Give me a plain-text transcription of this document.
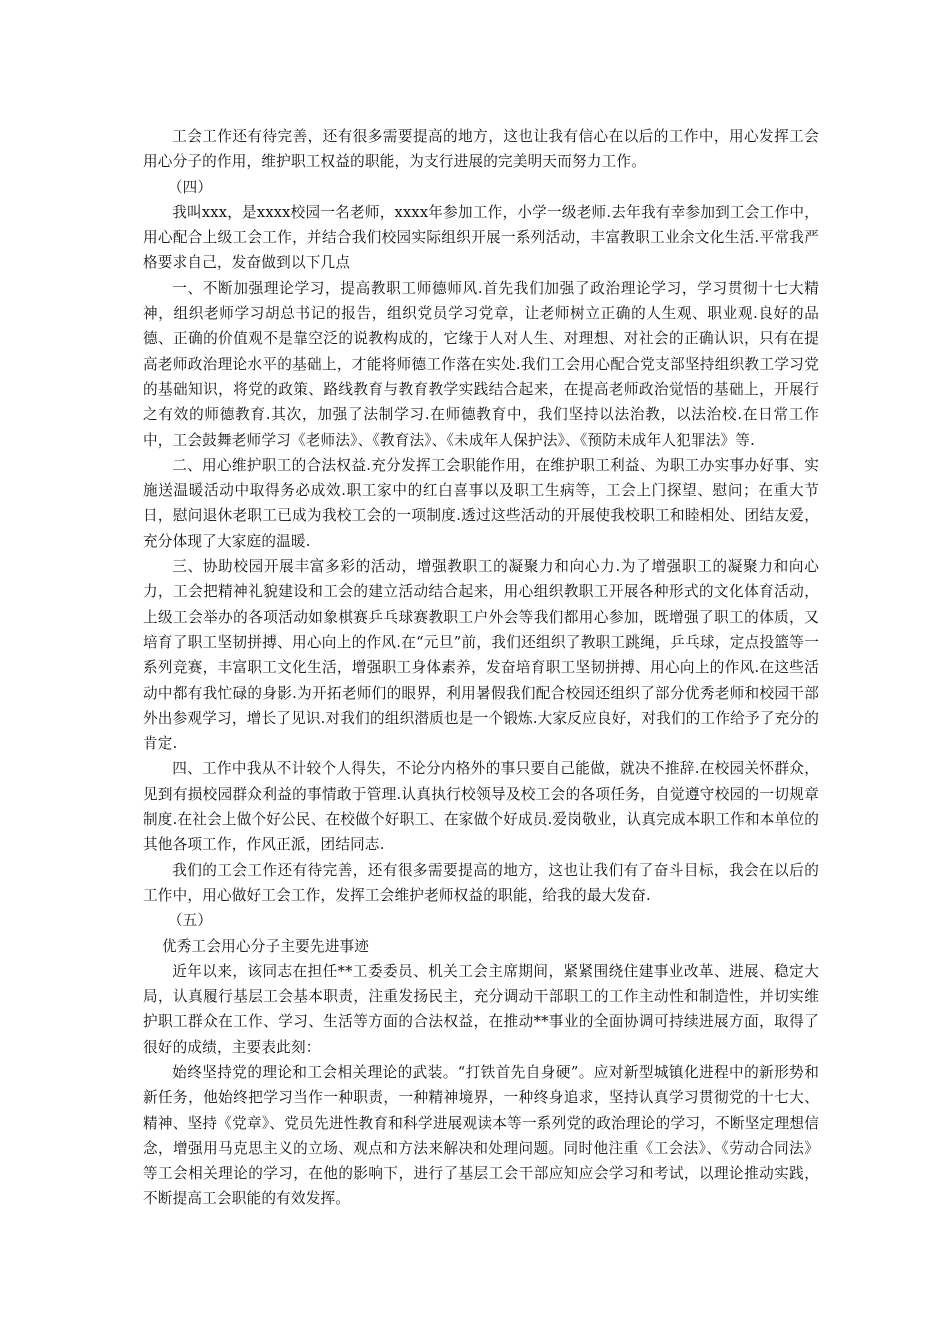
工会工作还有待完善，还有很多需要提高的地方，这也让我有信心在以后的工作中，用心发挥工会用心分子的作用，维护职工权益的职能，为支行进展的完美明天而努力工作。

（四）

我叫xxx，是xxxx校园一名老师，xxxx年参加工作，小学一级老师.去年我有幸参加到工会工作中，用心配合上级工会工作，并结合我们校园实际组织开展一系列活动，丰富教职工业余文化生活.平常我严格要求自己，发奋做到以下几点

一、不断加强理论学习，提高教职工师德师风.首先我们加强了政治理论学习，学习贯彻十七大精神，组织老师学习胡总书记的报告，组织党员学习党章，让老师树立正确的人生观、职业观.良好的品德、正确的价值观不是靠空泛的说教构成的，它缘于人对人生、对理想、对社会的正确认识，只有在提高老师政治理论水平的基础上，才能将师德工作落在实处.我们工会用心配合党支部坚持组织教工学习党的基础知识，将党的政策、路线教育与教育教学实践结合起来，在提高老师政治觉悟的基础上，开展行之有效的师德教育.其次，加强了法制学习.在师德教育中，我们坚持以法治教，以法治校.在日常工作中，工会鼓舞老师学习《老师法》、《教育法》、《未成年人保护法》、《预防未成年人犯罪法》等.

二、用心维护职工的合法权益.充分发挥工会职能作用，在维护职工利益、为职工办实事办好事、实施送温暖活动中取得务必成效.职工家中的红白喜事以及职工生病等，工会上门探望、慰问；在重大节日，慰问退休老职工已成为我校工会的一项制度.透过这些活动的开展使我校职工和睦相处、团结友爱，充分体现了大家庭的温暖.

三、协助校园开展丰富多彩的活动，增强教职工的凝聚力和向心力.为了增强职工的凝聚力和向心力，工会把精神礼貌建设和工会的建立活动结合起来，用心组织教职工开展各种形式的文化体育活动，上级工会举办的各项活动如象棋赛乒乓球赛教职工户外会等我们都用心参加，既增强了职工的体质，又培育了职工坚韧拼搏、用心向上的作风.在“元旦”前，我们还组织了教职工跳绳，乒乓球，定点投篮等一系列竞赛，丰富职工文化生活，增强职工身体素养，发奋培育职工坚韧拼搏、用心向上的作风.在这些活动中都有我忙碌的身影.为开拓老师们的眼界，利用暑假我们配合校园还组织了部分优秀老师和校园干部外出参观学习，增长了见识.对我们的组织潜质也是一个锻炼.大家反应良好，对我们的工作给予了充分的肯定.

四、工作中我从不计较个人得失，不论分内格外的事只要自己能做，就决不推辞.在校园关怀群众，见到有损校园群众利益的事情敢于管理.认真执行校领导及校工会的各项任务，自觉遵守校园的一切规章制度.在社会上做个好公民、在校做个好职工、在家做个好成员.爱岗敬业，认真完成本职工作和本单位的其他各项工作，作风正派，团结同志.

我们的工会工作还有待完善，还有很多需要提高的地方，这也让我们有了奋斗目标，我会在以后的工作中，用心做好工会工作，发挥工会维护老师权益的职能，给我的最大发奋.

（五）

优秀工会用心分子主要先进事迹

近年以来，该同志在担任**工委委员、机关工会主席期间，紧紧围绕住建事业改革、进展、稳定大局，认真履行基层工会基本职责，注重发扬民主，充分调动干部职工的工作主动性和制造性，并切实维护职工群众在工作、学习、生活等方面的合法权益，在推动**事业的全面协调可持续进展方面，取得了很好的成绩，主要表此刻：

始终坚持党的理论和工会相关理论的武装。“打铁首先自身硬”。应对新型城镇化进程中的新形势和新任务，他始终把学习当作一种职责，一种精神境界，一种终身追求，坚持认真学习贯彻党的十七大、精神、坚持《党章》、党员先进性教育和科学进展观读本等一系列党的政治理论的学习，不断坚定理想信念，增强用马克思主义的立场、观点和方法来解决和处理问题。同时他注重《工会法》、《劳动合同法》等工会相关理论的学习，在他的影响下，进行了基层工会干部应知应会学习和考试，以理论推动实践，不断提高工会职能的有效发挥。
